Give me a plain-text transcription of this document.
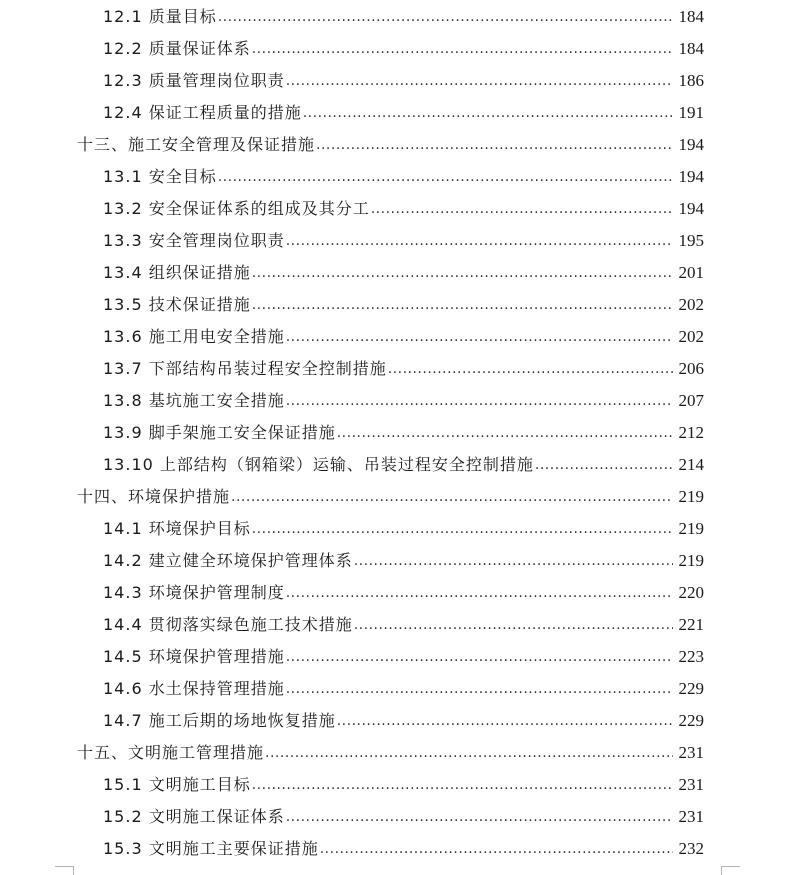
12.1 质量目标 .....	184
12.2 质量保证体系 .....	184
12.3 质量管理岗位职责 .....	186
12.4 保证工程质量的措施 .....	191
十三、施工安全管理及保证措施 .....	194
13.1 安全目标 .....	194
13.2 安全保证体系的组成及其分工 .....	194
13.3 安全管理岗位职责 .....	195
13.4 组织保证措施 .....	201
13.5 技术保证措施 .....	202
13.6 施工用电安全措施 .....	202
13.7 下部结构吊装过程安全控制措施 .....	206
13.8 基坑施工安全措施 .....	207
13.9 脚手架施工安全保证措施 .....	212
13.10 上部结构（钢箱梁）运输、吊装过程安全控制措施 .....	214
十四、环境保护措施 .....	219
14.1 环境保护目标 .....	219
14.2 建立健全环境保护管理体系 .....	219
14.3 环境保护管理制度 .....	220
14.4 贯彻落实绿色施工技术措施 .....	221
14.5 环境保护管理措施 .....	223
14.6 水土保持管理措施 .....	229
14.7 施工后期的场地恢复措施 .....	229
十五、文明施工管理措施 .....	231
15.1 文明施工目标 .....	231
15.2 文明施工保证体系 .....	231
15.3 文明施工主要保证措施 .....	232
